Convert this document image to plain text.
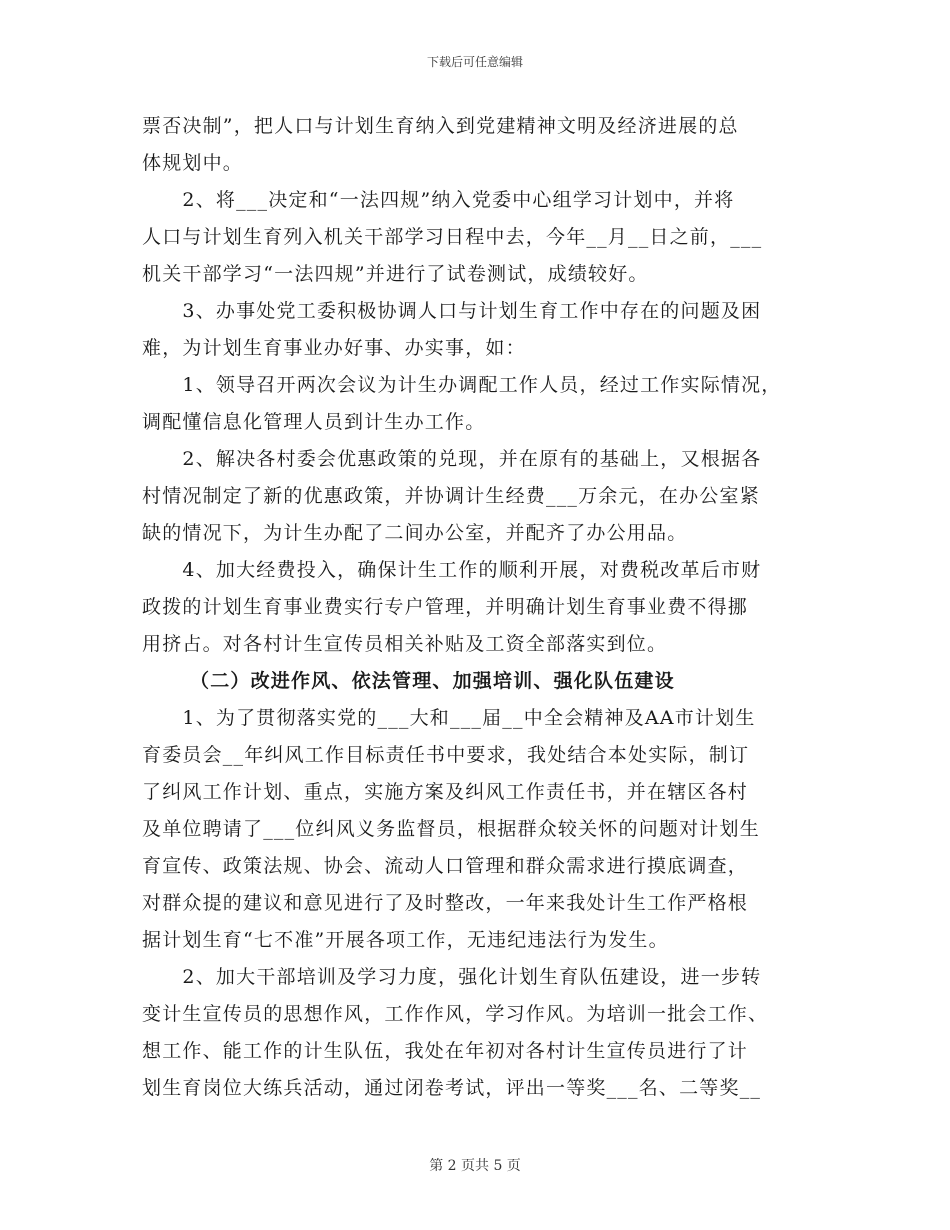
下载后可任意编辑
票否决制”，把人口与计划生育纳入到党建精神文明及经济进展的总
体规划中。
　　2、将___决定和“一法四规”纳入党委中心组学习计划中，并将
人口与计划生育列入机关干部学习日程中去，今年__月__日之前，___
机关干部学习“一法四规”并进行了试卷测试，成绩较好。
　　3、办事处党工委积极协调人口与计划生育工作中存在的问题及困
难，为计划生育事业办好事、办实事，如：
　　1、领导召开两次会议为计生办调配工作人员，经过工作实际情况，
调配懂信息化管理人员到计生办工作。
　　2、解决各村委会优惠政策的兑现，并在原有的基础上，又根据各
村情况制定了新的优惠政策，并协调计生经费___万余元，在办公室紧
缺的情况下，为计生办配了二间办公室，并配齐了办公用品。
　　4、加大经费投入，确保计生工作的顺利开展，对费税改革后市财
政拨的计划生育事业费实行专户管理，并明确计划生育事业费不得挪
用挤占。对各村计生宣传员相关补贴及工资全部落实到位。
（二）改进作风、依法管理、加强培训、强化队伍建设
　　1、为了贯彻落实党的___大和___届__中全会精神及AA市计划生
育委员会__年纠风工作目标责任书中要求，我处结合本处实际，制订
了纠风工作计划、重点，实施方案及纠风工作责任书，并在辖区各村
及单位聘请了___位纠风义务监督员，根据群众较关怀的问题对计划生
育宣传、政策法规、协会、流动人口管理和群众需求进行摸底调查，
对群众提的建议和意见进行了及时整改，一年来我处计生工作严格根
据计划生育“七不准”开展各项工作，无违纪违法行为发生。
　　2、加大干部培训及学习力度，强化计划生育队伍建设，进一步转
变计生宣传员的思想作风，工作作风，学习作风。为培训一批会工作、
想工作、能工作的计生队伍，我处在年初对各村计生宣传员进行了计
划生育岗位大练兵活动，通过闭卷考试，评出一等奖___名、二等奖__
第 2 页共 5 页
